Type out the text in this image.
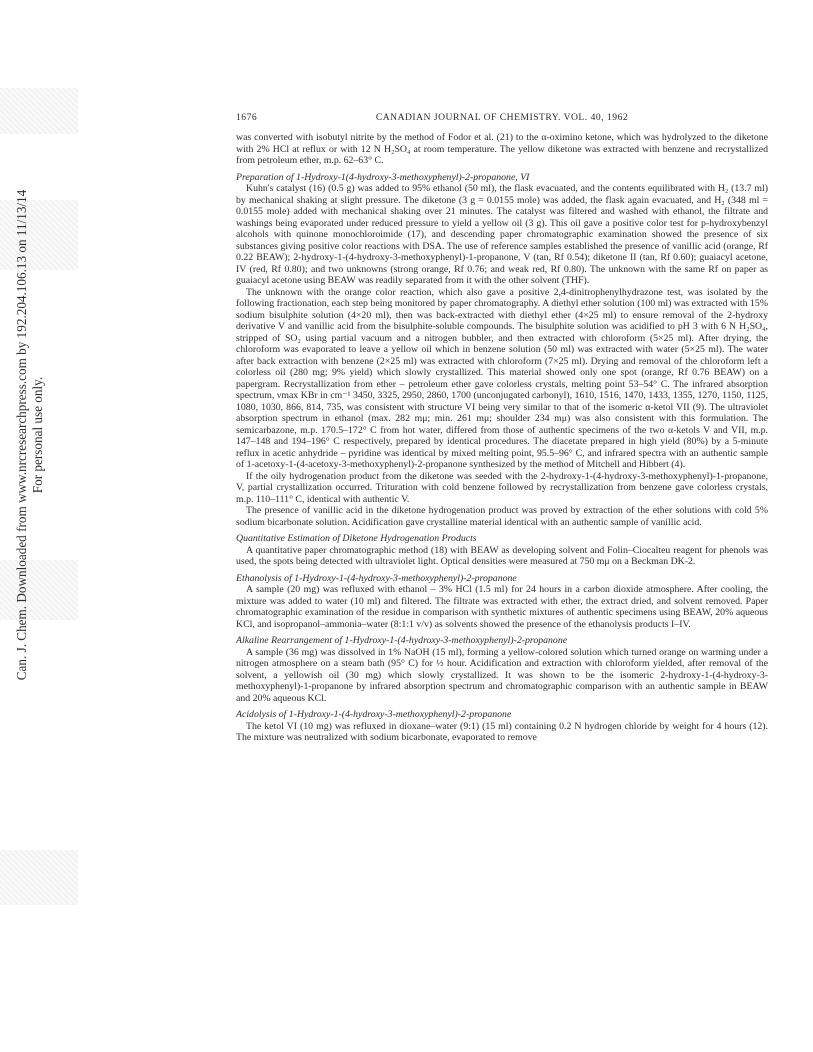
Can. J. Chem. Downloaded from www.nrcresearchpress.com by 192.204.106.13 on 11/13/14 For personal use only.
1676	CANADIAN JOURNAL OF CHEMISTRY. VOL. 40, 1962

was converted with isobutyl nitrite by the method of Fodor et al. (21) to the α-oximino ketone, which was hydrolyzed to the diketone with 2% HCl at reflux or with 12 N H₂SO₄ at room temperature. The yellow diketone was extracted with benzene and recrystallized from petroleum ether, m.p. 62–63° C.

Preparation of 1-Hydroxy-1(4-hydroxy-3-methoxyphenyl)-2-propanone, VI

Kuhn's catalyst (16) (0.5 g) was added to 95% ethanol (50 ml), the flask evacuated, and the contents equilibrated with H₂ (13.7 ml) by mechanical shaking at slight pressure. The diketone (3 g = 0.0155 mole) was added, the flask again evacuated, and H₂ (348 ml = 0.0155 mole) added with mechanical shaking over 21 minutes. The catalyst was filtered and washed with ethanol, the filtrate and washings being evaporated under reduced pressure to yield a yellow oil (3 g). This oil gave a positive color test for p-hydroxybenzyl alcohols with quinone monochloroimide (17), and descending paper chromatographic examination showed the presence of six substances giving positive color reactions with DSA. The use of reference samples established the presence of vanillic acid (orange, Rf 0.22 BEAW); 2-hydroxy-1-(4-hydroxy-3-methoxyphenyl)-1-propanone, V (tan, Rf 0.54); diketone II (tan, Rf 0.60); guaiacyl acetone, IV (red, Rf 0.80); and two unknowns (strong orange, Rf 0.76; and weak red, Rf 0.80). The unknown with the same Rf on paper as guaiacyl acetone using BEAW was readily separated from it with the other solvent (THF).

The unknown with the orange color reaction, which also gave a positive 2,4-dinitrophenylhydrazone test, was isolated by the following fractionation, each step being monitored by paper chromatography. A diethyl ether solution (100 ml) was extracted with 15% sodium bisulphite solution (4×20 ml), then was back-extracted with diethyl ether (4×25 ml) to ensure removal of the 2-hydroxy derivative V and vanillic acid from the bisulphite-soluble compounds. The bisulphite solution was acidified to pH 3 with 6 N H₂SO₄, stripped of SO₂ using partial vacuum and a nitrogen bubbler, and then extracted with chloroform (5×25 ml). After drying, the chloroform was evaporated to leave a yellow oil which in benzene solution (50 ml) was extracted with water (5×25 ml). The water after back extraction with benzene (2×25 ml) was extracted with chloroform (7×25 ml). Drying and removal of the chloroform left a colorless oil (280 mg; 9% yield) which slowly crystallized. This material showed only one spot (orange, Rf 0.76 BEAW) on a papergram. Recrystallization from ether – petroleum ether gave colorless crystals, melting point 53–54° C. The infrared absorption spectrum, νmax KBr in cm⁻¹ 3450, 3325, 2950, 2860, 1700 (unconjugated carbonyl), 1610, 1516, 1470, 1433, 1355, 1270, 1150, 1125, 1080, 1030, 866, 814, 735, was consistent with structure VI being very similar to that of the isomeric α-ketol VII (9). The ultraviolet absorption spectrum in ethanol (max. 282 mμ; min. 261 mμ; shoulder 234 mμ) was also consistent with this formulation. The semicarbazone, m.p. 170.5–172° C from hot water, differed from those of authentic specimens of the two α-ketols V and VII, m.p. 147–148 and 194–196° C respectively, prepared by identical procedures. The diacetate prepared in high yield (80%) by a 5-minute reflux in acetic anhydride – pyridine was identical by mixed melting point, 95.5–96° C, and infrared spectra with an authentic sample of 1-acetoxy-1-(4-acetoxy-3-methoxyphenyl)-2-propanone synthesized by the method of Mitchell and Hibbert (4).

If the oily hydrogenation product from the diketone was seeded with the 2-hydroxy-1-(4-hydroxy-3-methoxyphenyl)-1-propanone, V, partial crystallization occurred. Trituration with cold benzene followed by recrystallization from benzene gave colorless crystals, m.p. 110–111° C, identical with authentic V.

The presence of vanillic acid in the diketone hydrogenation product was proved by extraction of the ether solutions with cold 5% sodium bicarbonate solution. Acidification gave crystalline material identical with an authentic sample of vanillic acid.

Quantitative Estimation of Diketone Hydrogenation Products

A quantitative paper chromatographic method (18) with BEAW as developing solvent and Folin–Ciocalteu reagent for phenols was used, the spots being detected with ultraviolet light. Optical densities were measured at 750 mμ on a Beckman DK-2.

Ethanolysis of 1-Hydroxy-1-(4-hydroxy-3-methoxyphenyl)-2-propanone

A sample (20 mg) was refluxed with ethanol – 3% HCl (1.5 ml) for 24 hours in a carbon dioxide atmosphere. After cooling, the mixture was added to water (10 ml) and filtered. The filtrate was extracted with ether, the extract dried, and solvent removed. Paper chromatographic examination of the residue in comparison with synthetic mixtures of authentic specimens using BEAW, 20% aqueous KCl, and isopropanol–ammonia–water (8:1:1 v/v) as solvents showed the presence of the ethanolysis products I–IV.

Alkaline Rearrangement of 1-Hydroxy-1-(4-hydroxy-3-methoxyphenyl)-2-propanone

A sample (36 mg) was dissolved in 1% NaOH (15 ml), forming a yellow-colored solution which turned orange on warming under a nitrogen atmosphere on a steam bath (95° C) for ½ hour. Acidification and extraction with chloroform yielded, after removal of the solvent, a yellowish oil (30 mg) which slowly crystallized. It was shown to be the isomeric 2-hydroxy-1-(4-hydroxy-3-methoxyphenyl)-1-propanone by infrared absorption spectrum and chromatographic comparison with an authentic sample in BEAW and 20% aqueous KCl.

Acidolysis of 1-Hydroxy-1-(4-hydroxy-3-methoxyphenyl)-2-propanone

The ketol VI (10 mg) was refluxed in dioxane–water (9:1) (15 ml) containing 0.2 N hydrogen chloride by weight for 4 hours (12). The mixture was neutralized with sodium bicarbonate, evaporated to remove
